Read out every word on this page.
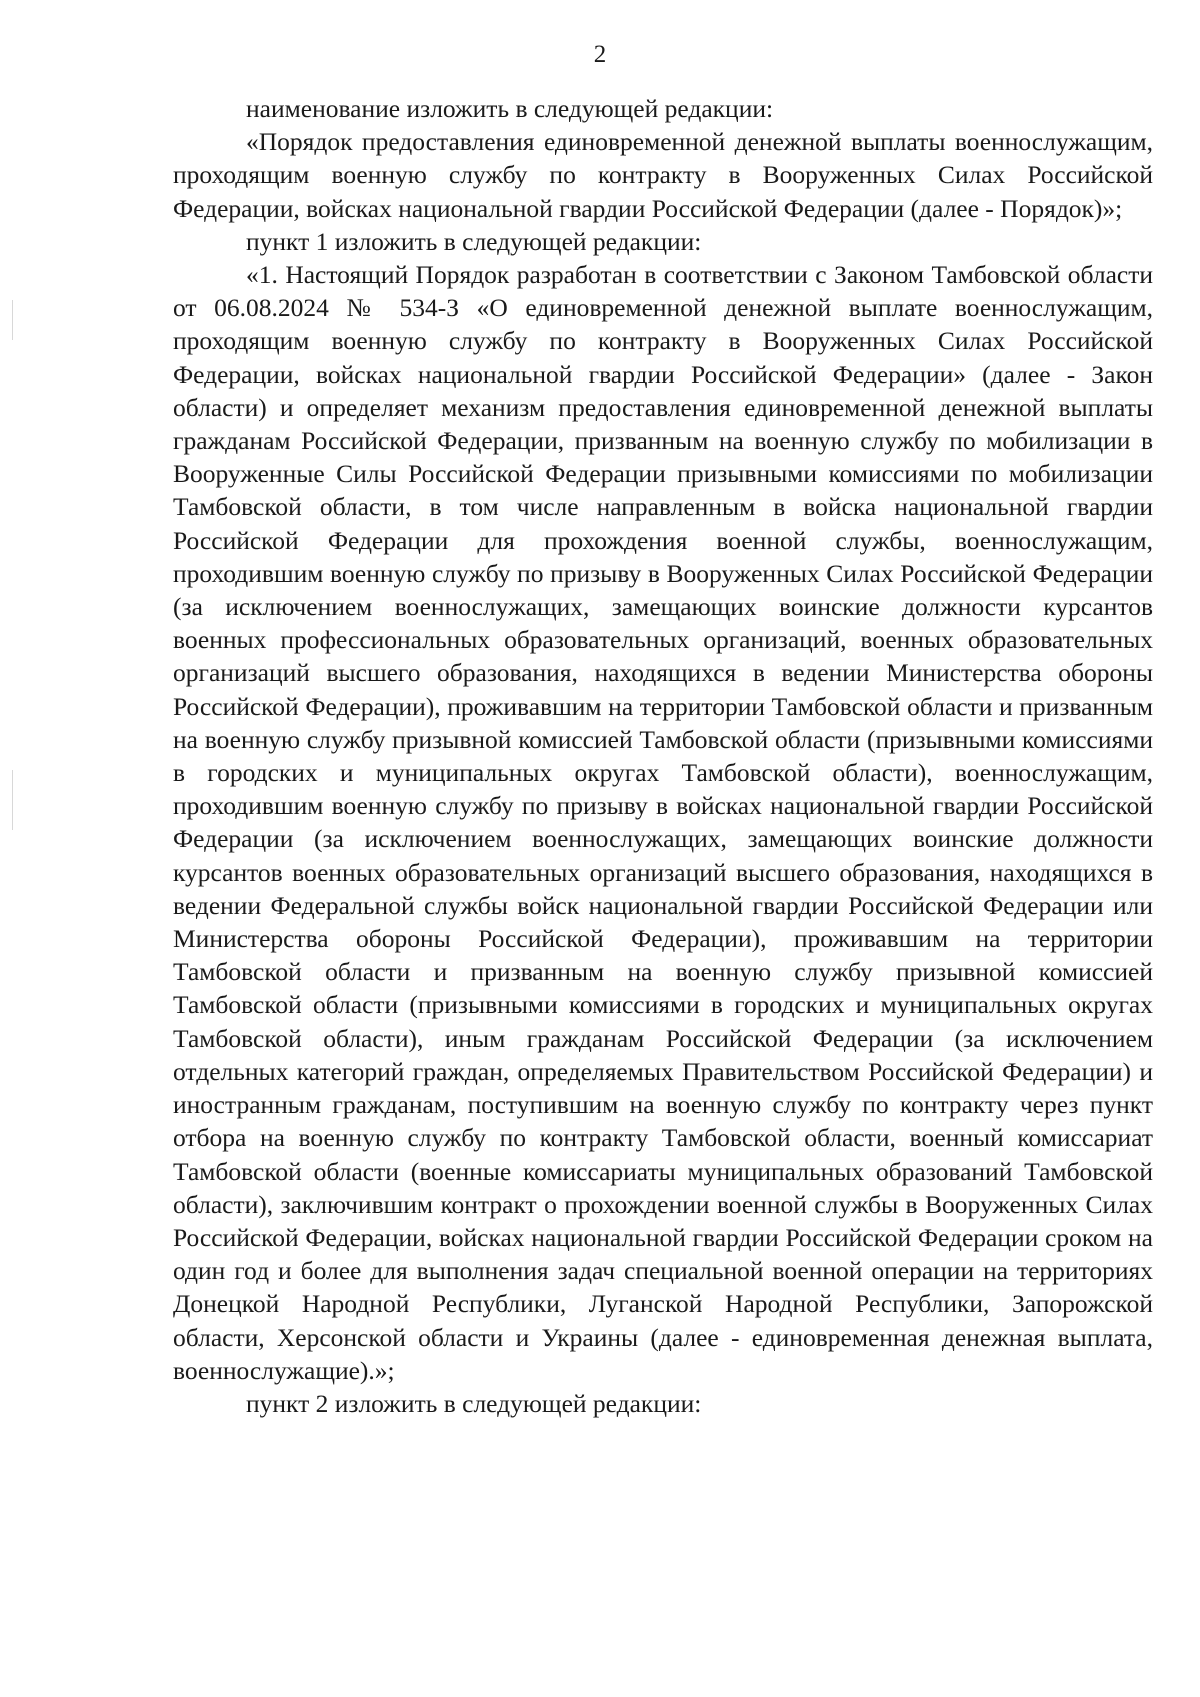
2

наименование изложить в следующей редакции:

«Порядок предоставления единовременной денежной выплаты военнослужащим, проходящим военную службу по контракту в Вооруженных Силах Российской Федерации, войсках национальной гвардии Российской Федерации (далее - Порядок)»;

пункт 1 изложить в следующей редакции:

«1. Настоящий Порядок разработан в соответствии с Законом Тамбовской области от 06.08.2024 № 534-З «О единовременной денежной выплате военнослужащим, проходящим военную службу по контракту в Вооруженных Силах Российской Федерации, войсках национальной гвардии Российской Федерации» (далее - Закон области) и определяет механизм предоставления единовременной денежной выплаты гражданам Российской Федерации, призванным на военную службу по мобилизации в Вооруженные Силы Российской Федерации призывными комиссиями по мобилизации Тамбовской области, в том числе направленным в войска национальной гвардии Российской Федерации для прохождения военной службы, военнослужащим, проходившим военную службу по призыву в Вооруженных Силах Российской Федерации (за исключением военнослужащих, замещающих воинские должности курсантов военных профессиональных образовательных организаций, военных образовательных организаций высшего образования, находящихся в ведении Министерства обороны Российской Федерации), проживавшим на территории Тамбовской области и призванным на военную службу призывной комиссией Тамбовской области (призывными комиссиями в городских и муниципальных округах Тамбовской области), военнослужащим, проходившим военную службу по призыву в войсках национальной гвардии Российской Федерации (за исключением военнослужащих, замещающих воинские должности курсантов военных образовательных организаций высшего образования, находящихся в ведении Федеральной службы войск национальной гвардии Российской Федерации или Министерства обороны Российской Федерации), проживавшим на территории Тамбовской области и призванным на военную службу призывной комиссией Тамбовской области (призывными комиссиями в городских и муниципальных округах Тамбовской области), иным гражданам Российской Федерации (за исключением отдельных категорий граждан, определяемых Правительством Российской Федерации) и иностранным гражданам, поступившим на военную службу по контракту через пункт отбора на военную службу по контракту Тамбовской области, военный комиссариат Тамбовской области (военные комиссариаты муниципальных образований Тамбовской области), заключившим контракт о прохождении военной службы в Вооруженных Силах Российской Федерации, войсках национальной гвардии Российской Федерации сроком на один год и более для выполнения задач специальной военной операции на территориях Донецкой Народной Республики, Луганской Народной Республики, Запорожской области, Херсонской области и Украины (далее - единовременная денежная выплата, военнослужащие).»;

пункт 2 изложить в следующей редакции:
